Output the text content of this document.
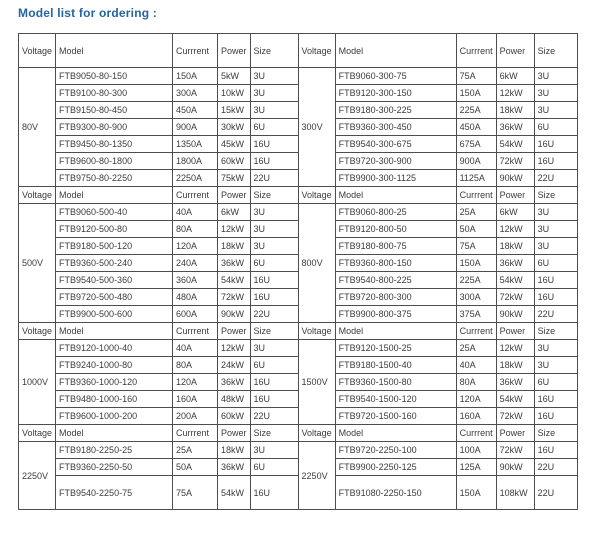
Model list for ordering :
Voltage	Model	Currrent	Power	Size	Voltage	Model	Currrent	Power	Size
80V	FTB9050-80-150	150A	5kW	3U	300V	FTB9060-300-75	75A	6kW	3U
	FTB9100-80-300	300A	10kW	3U		FTB9120-300-150	150A	12kW	3U
	FTB9150-80-450	450A	15kW	3U		FTB9180-300-225	225A	18kW	3U
	FTB9300-80-900	900A	30kW	6U		FTB9360-300-450	450A	36kW	6U
	FTB9450-80-1350	1350A	45kW	16U		FTB9540-300-675	675A	54kW	16U
	FTB9600-80-1800	1800A	60kW	16U		FTB9720-300-900	900A	72kW	16U
	FTB9750-80-2250	2250A	75kW	22U		FTB9900-300-1125	1125A	90kW	22U
Voltage	Model	Currrent	Power	Size	Voltage	Model	Currrent	Power	Size
500V	FTB9060-500-40	40A	6kW	3U	800V	FTB9060-800-25	25A	6kW	3U
	FTB9120-500-80	80A	12kW	3U		FTB9120-800-50	50A	12kW	3U
	FTB9180-500-120	120A	18kW	3U		FTB9180-800-75	75A	18kW	3U
	FTB9360-500-240	240A	36kW	6U		FTB9360-800-150	150A	36kW	6U
	FTB9540-500-360	360A	54kW	16U		FTB9540-800-225	225A	54kW	16U
	FTB9720-500-480	480A	72kW	16U		FTB9720-800-300	300A	72kW	16U
	FTB9900-500-600	600A	90kW	22U		FTB9900-800-375	375A	90kW	22U
Voltage	Model	Currrent	Power	Size	Voltage	Model	Currrent	Power	Size
1000V	FTB9120-1000-40	40A	12kW	3U	1500V	FTB9120-1500-25	25A	12kW	3U
	FTB9240-1000-80	80A	24kW	6U		FTB9180-1500-40	40A	18kW	3U
	FTB9360-1000-120	120A	36kW	16U		FTB9360-1500-80	80A	36kW	6U
	FTB9480-1000-160	160A	48kW	16U		FTB9540-1500-120	120A	54kW	16U
	FTB9600-1000-200	200A	60kW	22U		FTB9720-1500-160	160A	72kW	16U
Voltage	Model	Currrent	Power	Size	Voltage	Model	Currrent	Power	Size
2250V	FTB9180-2250-25	25A	18kW	3U	2250V	FTB9720-2250-100	100A	72kW	16U
	FTB9360-2250-50	50A	36kW	6U		FTB9900-2250-125	125A	90kW	22U
	FTB9540-2250-75	75A	54kW	16U		FTB91080-2250-150	150A	108kW	22U
